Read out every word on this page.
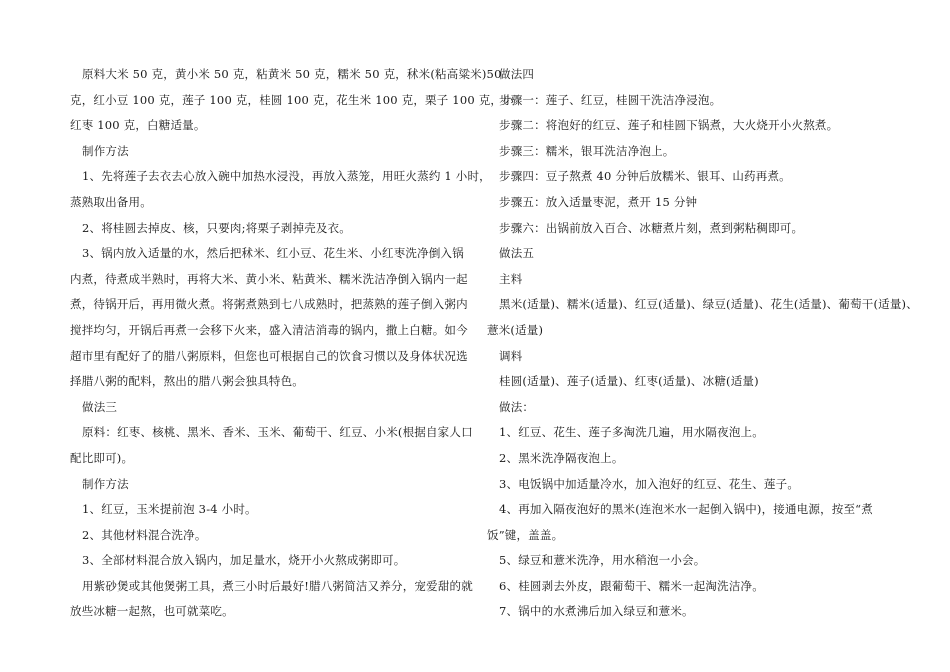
原料大米 50 克，黄小米 50 克，粘黄米 50 克，糯米 50 克，秫米(粘高粱米)50
克，红小豆 100 克，莲子 100 克，桂圆 100 克，花生米 100 克，栗子 100 克，小
红枣 100 克，白糖适量。
制作方法
1、先将莲子去衣去心放入碗中加热水浸没，再放入蒸笼，用旺火蒸约 1 小时，
蒸熟取出备用。
2、将桂圆去掉皮、核，只要肉;将栗子剥掉壳及衣。
3、锅内放入适量的水，然后把秫米、红小豆、花生米、小红枣洗净倒入锅
内煮，待煮成半熟时，再将大米、黄小米、粘黄米、糯米洗洁净倒入锅内一起
煮，待锅开后，再用微火煮。将粥煮熟到七八成熟时，把蒸熟的莲子倒入粥内
搅拌均匀，开锅后再煮一会移下火来，盛入清洁消毒的锅内，撒上白糖。如今
超市里有配好了的腊八粥原料，但您也可根据自己的饮食习惯以及身体状况选
择腊八粥的配料，熬出的腊八粥会独具特色。
做法三
原料：红枣、核桃、黑米、香米、玉米、葡萄干、红豆、小米(根据自家人口
配比即可)。
制作方法
1、红豆，玉米提前泡 3-4 小时。
2、其他材料混合洗净。
3、全部材料混合放入锅内，加足量水，烧开小火熬成粥即可。
用紫砂煲或其他煲粥工具，煮三小时后最好!腊八粥简洁又养分，宠爱甜的就
放些冰糖一起熬，也可就菜吃。
做法四
步骤一：莲子、红豆，桂圆干洗洁净浸泡。
步骤二：将泡好的红豆、莲子和桂圆下锅煮，大火烧开小火熬煮。
步骤三：糯米，银耳洗洁净泡上。
步骤四：豆子熬煮 40 分钟后放糯米、银耳、山药再煮。
步骤五：放入适量枣泥，煮开 15 分钟
步骤六：出锅前放入百合、冰糖煮片刻，煮到粥粘稠即可。
做法五
主料
黑米(适量)、糯米(适量)、红豆(适量)、绿豆(适量)、花生(适量)、葡萄干(适量)、
薏米(适量)
调料
桂圆(适量)、莲子(适量)、红枣(适量)、冰糖(适量)
做法：
1、红豆、花生、莲子多淘洗几遍，用水隔夜泡上。
2、黑米洗净隔夜泡上。
3、电饭锅中加适量冷水，加入泡好的红豆、花生、莲子。
4、再加入隔夜泡好的黑米(连泡米水一起倒入锅中)，接通电源，按至“煮
饭”键，盖盖。
5、绿豆和薏米洗净，用水稍泡一小会。
6、桂圆剥去外皮，跟葡萄干、糯米一起淘洗洁净。
7、锅中的水煮沸后加入绿豆和薏米。
